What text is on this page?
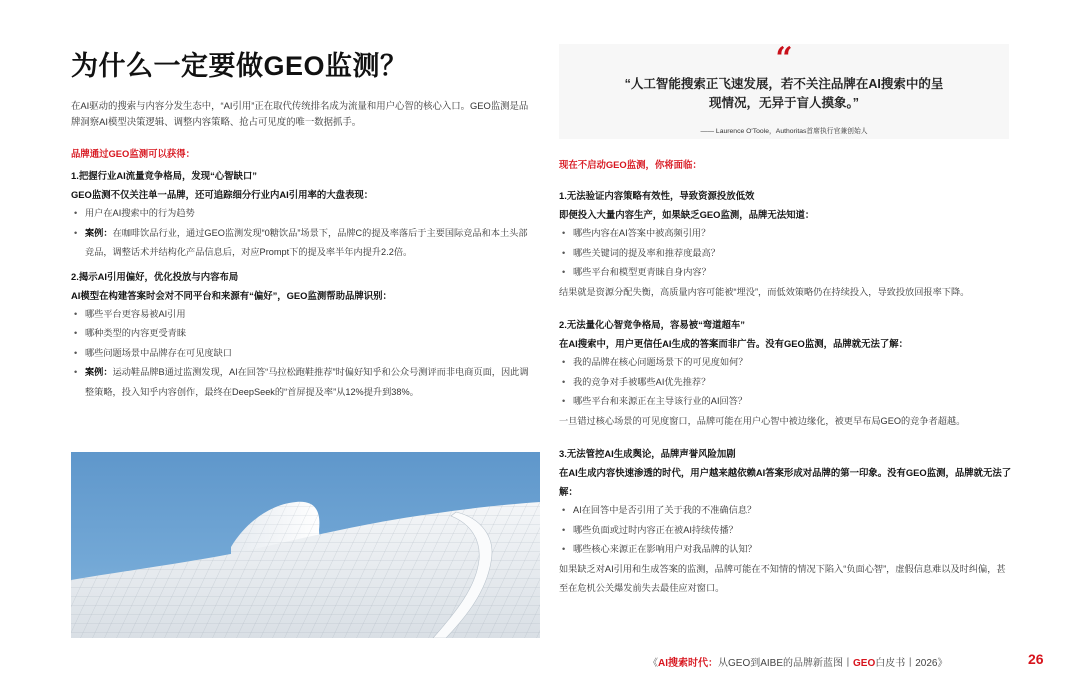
为什么一定要做GEO监测？

在AI驱动的搜索与内容分发生态中，“AI引用”正在取代传统排名成为流量和用户心智的核心入口。GEO监测是品牌洞察AI模型决策逻辑、调整内容策略、抢占可见度的唯一数据抓手。

品牌通过GEO监测可以获得：
1.把握行业AI流量竞争格局，发现“心智缺口”
GEO监测不仅关注单一品牌，还可追踪细分行业内AI引用率的大盘表现：
• 用户在AI搜索中的行为趋势
• 案例：在咖啡饮品行业，通过GEO监测发现“0糖饮品”场景下，品牌C的提及率落后于主要国际竞品和本土头部竞品，调整话术并结构化产品信息后，对应Prompt下的提及率半年内提升2.2倍。
2.揭示AI引用偏好，优化投放与内容布局
AI模型在构建答案时会对不同平台和来源有“偏好”，GEO监测帮助品牌识别：
• 哪些平台更容易被AI引用
• 哪种类型的内容更受青睐
• 哪些问题场景中品牌存在可见度缺口
• 案例：运动鞋品牌B通过监测发现，AI在回答“马拉松跑鞋推荐”时偏好知乎和公众号测评而非电商页面，因此调整策略，投入知乎内容创作，最终在DeepSeek的“首屏提及率”从12%提升到38%。
“

“人工智能搜索正飞速发展，若不关注品牌在AI搜索中的呈现情况，无异于盲人摸象。”

—— Laurence O'Toole，Authoritas首席执行官兼创始人

现在不启动GEO监测，你将面临：
1.无法验证内容策略有效性，导致资源投放低效
即便投入大量内容生产，如果缺乏GEO监测，品牌无法知道：
• 哪些内容在AI答案中被高频引用？
• 哪些关键词的提及率和推荐度最高？
• 哪些平台和模型更青睐自身内容？

结果就是资源分配失衡，高质量内容可能被“埋没”，而低效策略仍在持续投入，导致投放回报率下降。

2.无法量化心智竞争格局，容易被“弯道超车”
在AI搜索中，用户更信任AI生成的答案而非广告。没有GEO监测，品牌就无法了解：
• 我的品牌在核心问题场景下的可见度如何？
• 我的竞争对手被哪些AI优先推荐？
• 哪些平台和来源正在主导该行业的AI回答？

一旦错过核心场景的可见度窗口，品牌可能在用户心智中被边缘化，被更早布局GEO的竞争者超越。

3.无法管控AI生成舆论，品牌声誉风险加剧
在AI生成内容快速渗透的时代，用户越来越依赖AI答案形成对品牌的第一印象。没有GEO监测，品牌就无法了解：
• AI在回答中是否引用了关于我的不准确信息？
• 哪些负面或过时内容正在被AI持续传播？
• 哪些核心来源正在影响用户对我品牌的认知？

如果缺乏对AI引用和生成答案的监测，品牌可能在不知情的情况下陷入“负面心智”，虚假信息难以及时纠偏，甚至在危机公关爆发前失去最佳应对窗口。

《AI搜索时代：从GEO到AIBE的品牌新蓝图丨GEO白皮书丨2026》	26
